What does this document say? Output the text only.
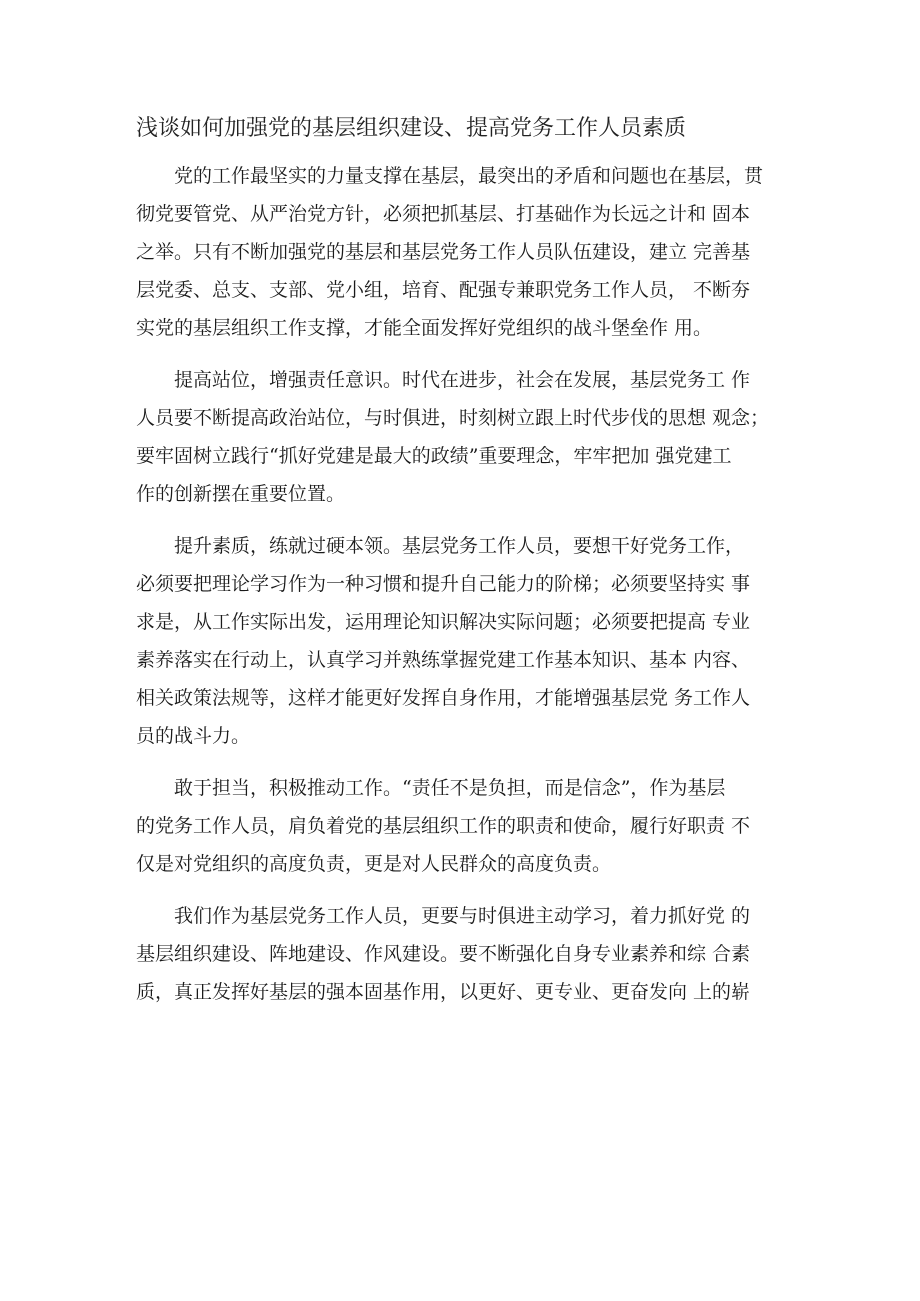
浅谈如何加强党的基层组织建设、提高党务工作人员素质

党的工作最坚实的力量支撑在基层，最突出的矛盾和问题也在基层，贯
彻党要管党、从严治党方针，必须把抓基层、打基础作为长远之计和 固本
之举。只有不断加强党的基层和基层党务工作人员队伍建设，建立 完善基
层党委、总支、支部、党小组，培育、配强专兼职党务工作人员， 不断夯
实党的基层组织工作支撑，才能全面发挥好党组织的战斗堡垒作 用。

提高站位，增强责任意识。时代在进步，社会在发展，基层党务工 作
人员要不断提高政治站位，与时俱进，时刻树立跟上时代步伐的思想 观念；
要牢固树立践行“抓好党建是最大的政绩”重要理念，牢牢把加 强党建工
作的创新摆在重要位置。

提升素质，练就过硬本领。基层党务工作人员，要想干好党务工作，
必须要把理论学习作为一种习惯和提升自己能力的阶梯；必须要坚持实 事
求是，从工作实际出发，运用理论知识解决实际问题；必须要把提高 专业
素养落实在行动上，认真学习并熟练掌握党建工作基本知识、基本 内容、
相关政策法规等，这样才能更好发挥自身作用，才能增强基层党 务工作人
员的战斗力。

敢于担当，积极推动工作。“责任不是负担，而是信念”，作为基层
的党务工作人员，肩负着党的基层组织工作的职责和使命，履行好职责 不
仅是对党组织的高度负责，更是对人民群众的高度负责。

我们作为基层党务工作人员，更要与时俱进主动学习，着力抓好党 的
基层组织建设、阵地建设、作风建设。要不断强化自身专业素养和综 合素
质，真正发挥好基层的强本固基作用，以更好、更专业、更奋发向 上的崭
